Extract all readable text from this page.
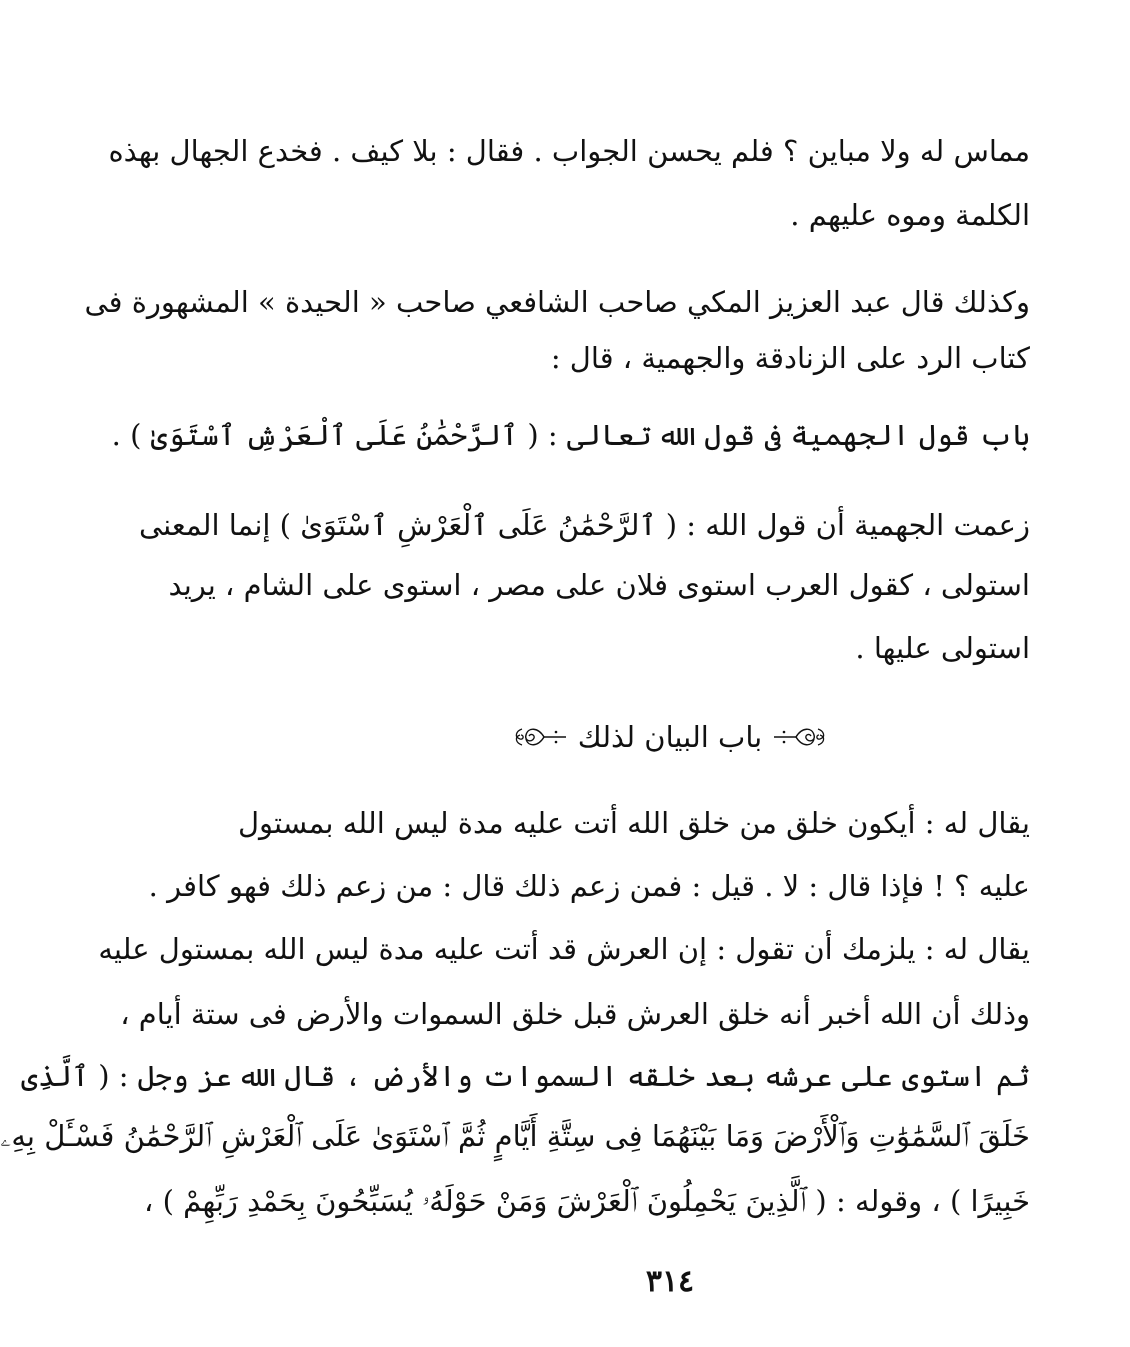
مماس له ولا مباين ؟ فلم يحسن الجواب . فقال : بلا كيف . فخدع الجهال بهذه
الكلمة وموه عليهم .
وكذلك قال عبد العزيز المكي صاحب الشافعي صاحب « الحيدة » المشهورة فى
كتاب الرد على الزنادقة والجهمية ، قال :
باب قول الجهمية فى قول الله تعالى : ( ٱلرَّحْمَٰنُ عَلَى ٱلْعَرْشِ ٱسْتَوَىٰ ) .
زعمت الجهمية أن قول الله : ( ٱلرَّحْمَٰنُ عَلَى ٱلْعَرْشِ ٱسْتَوَىٰ ) إنما المعنى
استولى ، كقول العرب استوى فلان على مصر ، استوى على الشام ، يريد
استولى عليها .
باب البيان لذلك
يقال له : أيكون خلق من خلق الله أتت عليه مدة ليس الله بمستول
عليه ؟ ! فإذا قال : لا . قيل : فمن زعم ذلك قال : من زعم ذلك فهو كافر .
يقال له : يلزمك أن تقول : إن العرش قد أتت عليه مدة ليس الله بمستول عليه
وذلك أن الله أخبر أنه خلق العرش قبل خلق السموات والأرض فى ستة أيام ،
ثم استوى على عرشه بعد خلقه السموات والأرض ، قال الله عز وجل : ( ٱلَّذِى
خَلَقَ ٱلسَّمَٰوَٰتِ وَٱلْأَرْضَ وَمَا بَيْنَهُمَا فِى سِتَّةِ أَيَّامٍ ثُمَّ ٱسْتَوَىٰ عَلَى ٱلْعَرْشِ ٱلرَّحْمَٰنُ فَسْـَٔلْ بِهِۦ
خَبِيرًا ) ، وقوله : ( ٱلَّذِينَ يَحْمِلُونَ ٱلْعَرْشَ وَمَنْ حَوْلَهُۥ يُسَبِّحُونَ بِحَمْدِ رَبِّهِمْ ) ،
٣١٤
